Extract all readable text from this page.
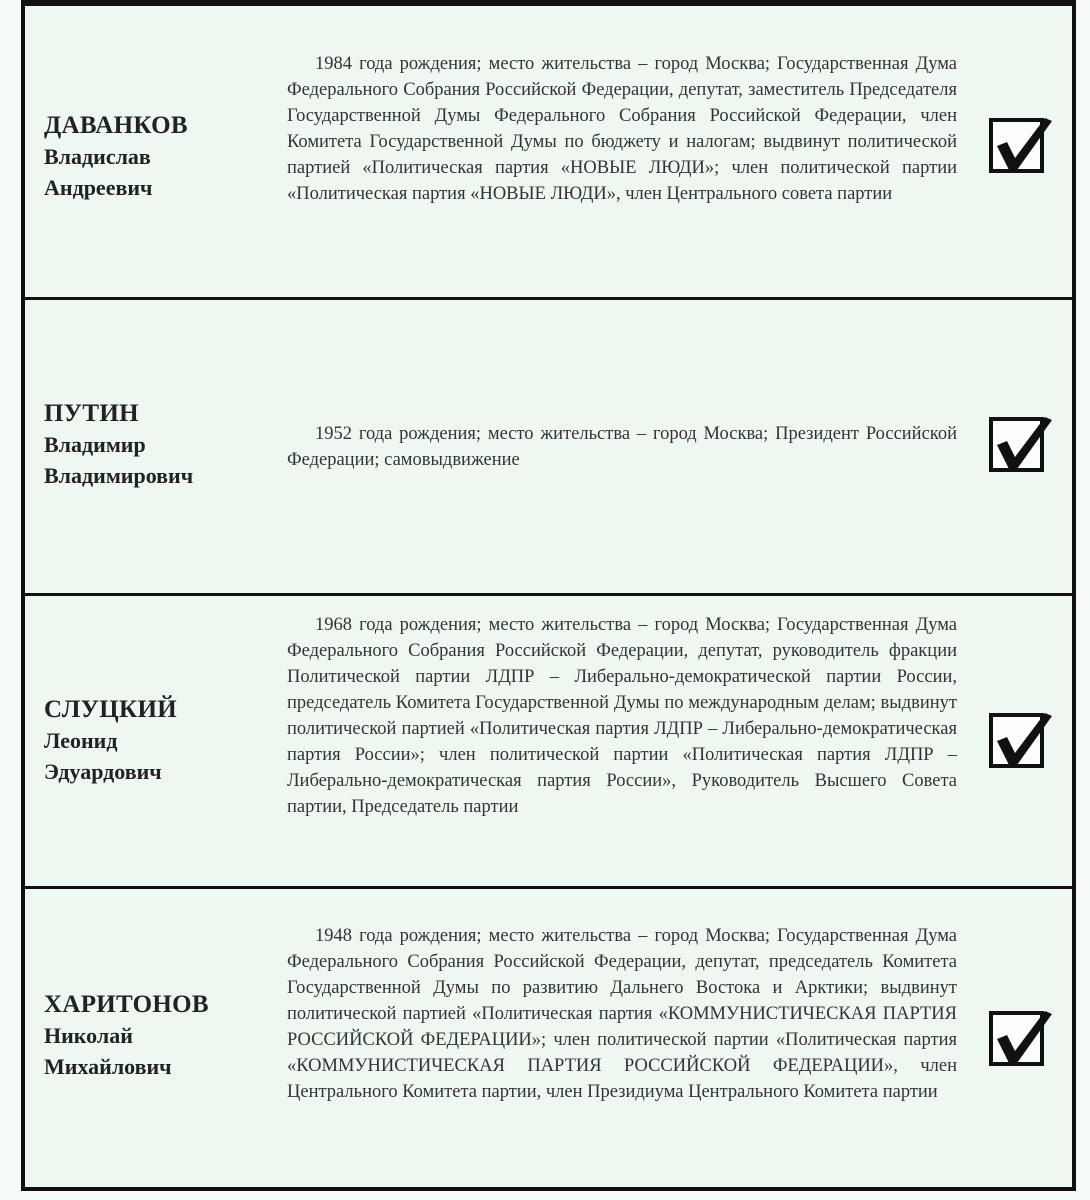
ДАВАНКОВ
Владислав
Андреевич
1984 года рождения; место жительства – город Москва; Государственная Дума Федерального Собрания Российской Федерации, депутат, заместитель Председателя Государственной Думы Федерального Собрания Российской Федерации, член Комитета Государственной Думы по бюджету и налогам; выдвинут политической партией «Политическая партия «НОВЫЕ ЛЮДИ»; член политической партии «Политическая партия «НОВЫЕ ЛЮДИ», член Центрального совета партии
ПУТИН
Владимир
Владимирович
1952 года рождения; место жительства – город Москва; Президент Российской Федерации; самовыдвижение
СЛУЦКИЙ
Леонид
Эдуардович
1968 года рождения; место жительства – город Москва; Государственная Дума Федерального Собрания Российской Федерации, депутат, руководитель фракции Политической партии ЛДПР – Либерально-демократической партии России, председатель Комитета Государственной Думы по международным делам; выдвинут политической партией «Политическая партия ЛДПР – Либерально-демократическая партия России»; член политической партии «Политическая партия ЛДПР – Либерально-демократическая партия России», Руководитель Высшего Совета партии, Председатель партии
ХАРИТОНОВ
Николай
Михайлович
1948 года рождения; место жительства – город Москва; Государственная Дума Федерального Собрания Российской Федерации, депутат, председатель Комитета Государственной Думы по развитию Дальнего Востока и Арктики; выдвинут политической партией «Политическая партия «КОММУНИСТИЧЕСКАЯ ПАРТИЯ РОССИЙСКОЙ ФЕДЕРАЦИИ»; член политической партии «Политическая партия «КОММУНИСТИЧЕСКАЯ ПАРТИЯ РОССИЙСКОЙ ФЕДЕРАЦИИ», член Центрального Комитета партии, член Президиума Центрального Комитета партии
